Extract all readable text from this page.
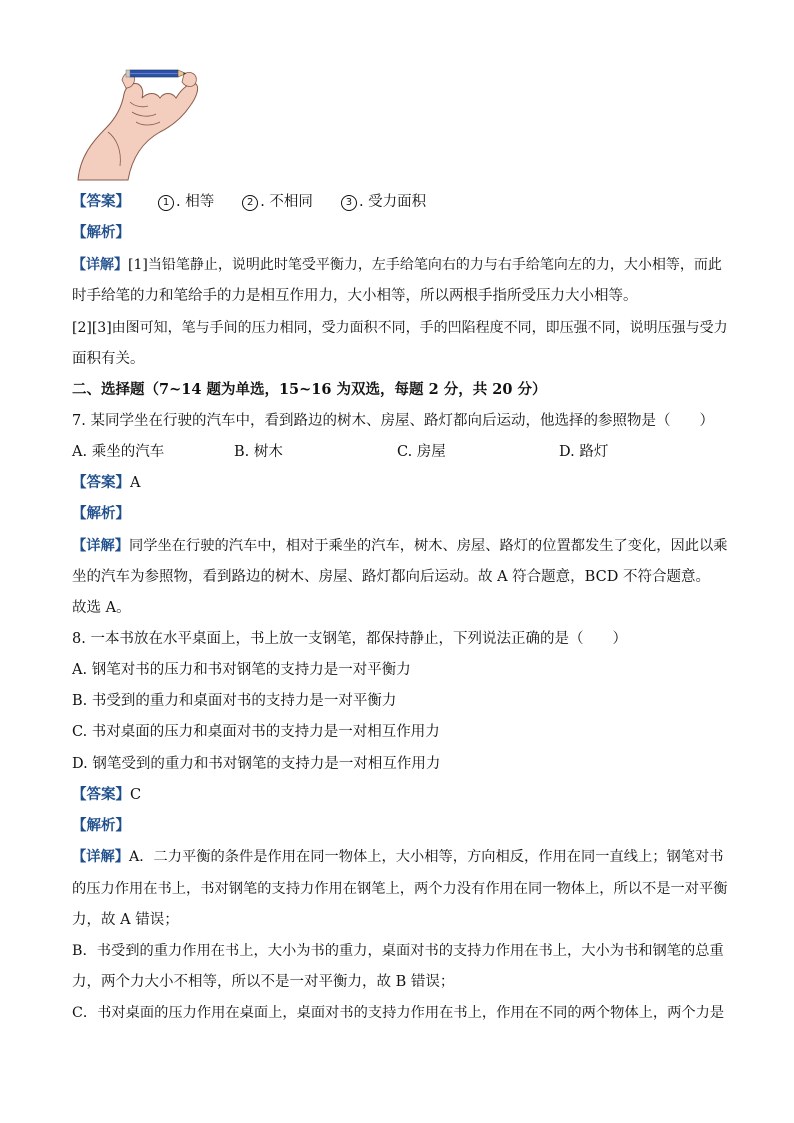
【答案】	1 . 相等	2 . 不相同	3 . 受力面积
【解析】
【详解】[1]当铅笔静止，说明此时笔受平衡力，左手给笔向右的力与右手给笔向左的力，大小相等，而此
时手给笔的力和笔给手的力是相互作用力，大小相等，所以两根手指所受压力大小相等。
[2][3]由图可知，笔与手间的压力相同，受力面积不同，手的凹陷程度不同，即压强不同，说明压强与受力
面积有关。
二、选择题（7~14 题为单选，15~16 为双选，每题 2 分，共 20 分）
7. 某同学坐在行驶的汽车中，看到路边的树木、房屋、路灯都向后运动，他选择的参照物是（　　）
A. 乘坐的汽车	B. 树木	C. 房屋	D. 路灯
【答案】A
【解析】
【详解】同学坐在行驶的汽车中，相对于乘坐的汽车，树木、房屋、路灯的位置都发生了变化，因此以乘
坐的汽车为参照物，看到路边的树木、房屋、路灯都向后运动。故 A 符合题意，BCD 不符合题意。
故选 A。
8. 一本书放在水平桌面上，书上放一支钢笔，都保持静止，下列说法正确的是（　　）
A. 钢笔对书的压力和书对钢笔的支持力是一对平衡力
B. 书受到的重力和桌面对书的支持力是一对平衡力
C. 书对桌面的压力和桌面对书的支持力是一对相互作用力
D. 钢笔受到的重力和书对钢笔的支持力是一对相互作用力
【答案】C
【解析】
【详解】A．二力平衡的条件是作用在同一物体上，大小相等，方向相反，作用在同一直线上；钢笔对书
的压力作用在书上，书对钢笔的支持力作用在钢笔上，两个力没有作用在同一物体上，所以不是一对平衡
力，故 A 错误；
B．书受到的重力作用在书上，大小为书的重力，桌面对书的支持力作用在书上，大小为书和钢笔的总重
力，两个力大小不相等，所以不是一对平衡力，故 B 错误；
C．书对桌面的压力作用在桌面上，桌面对书的支持力作用在书上，作用在不同的两个物体上，两个力是
